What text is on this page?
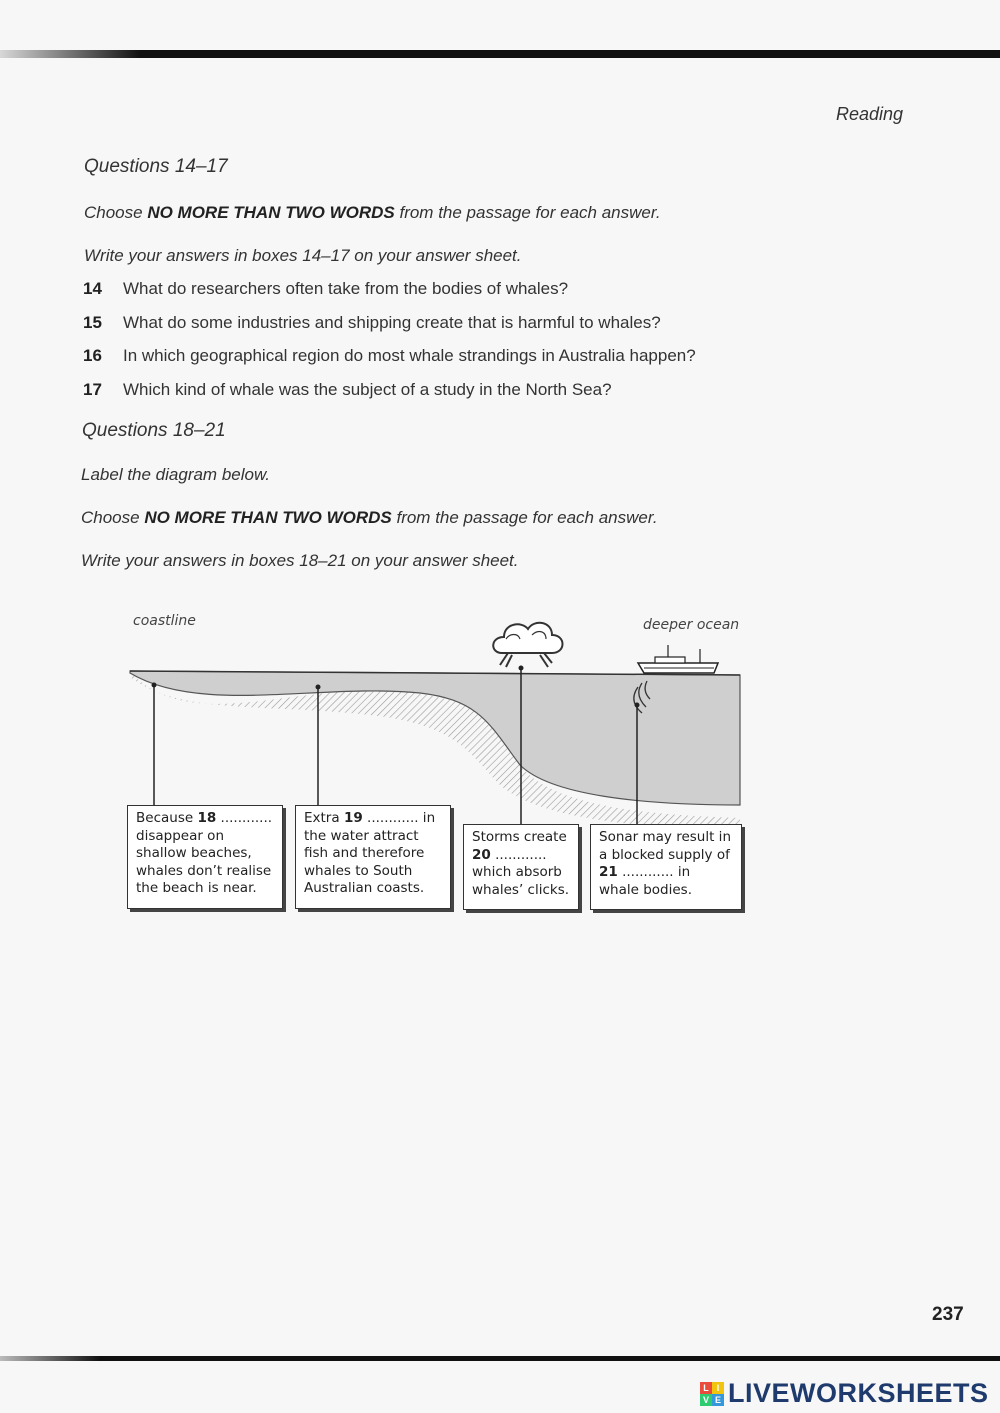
Reading
Questions 14–17
Choose NO MORE THAN TWO WORDS from the passage for each answer.
Write your answers in boxes 14–17 on your answer sheet.
14	What do researchers often take from the bodies of whales?
15	What do some industries and shipping create that is harmful to whales?
16	In which geographical region do most whale strandings in Australia happen?
17	Which kind of whale was the subject of a study in the North Sea?
Questions 18–21
Label the diagram below.
Choose NO MORE THAN TWO WORDS from the passage for each answer.
Write your answers in boxes 18–21 on your answer sheet.
coastline	deeper ocean
Because 18 ............ disappear on shallow beaches, whales don’t realise the beach is near.
Extra 19 ............ in the water attract fish and therefore whales to South Australian coasts.
Storms create
20 ............ which absorb whales’ clicks.
Sonar may result in a blocked supply of 21 ............ in whale bodies.
237
L I
V E LIVEWORKSHEETS
